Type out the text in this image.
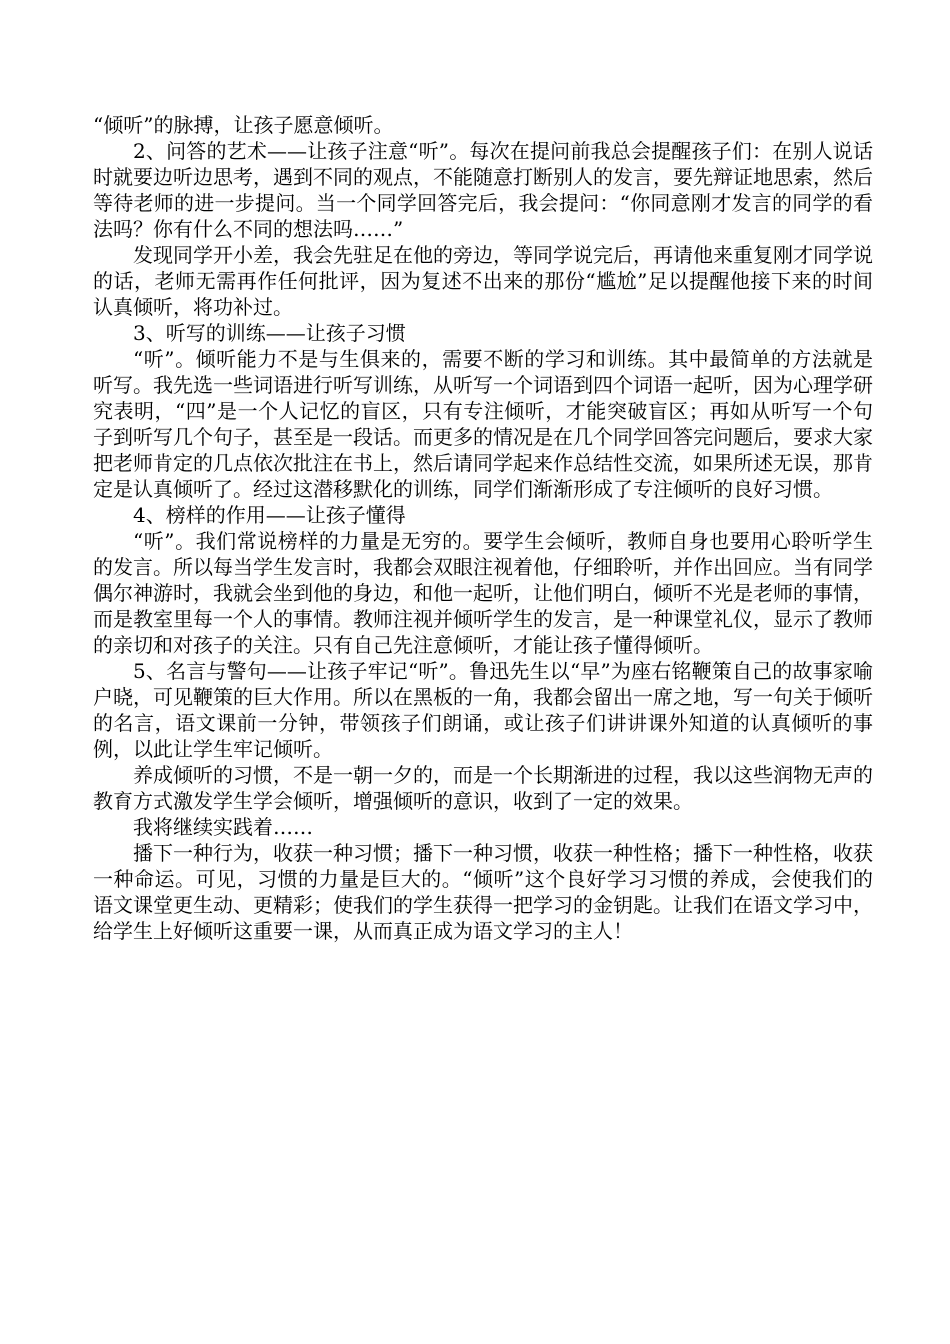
“倾听”的脉搏，让孩子愿意倾听。

2、问答的艺术——让孩子注意“听”。每次在提问前我总会提醒孩子们：在别人说话时就要边听边思考，遇到不同的观点，不能随意打断别人的发言，要先辩证地思索，然后等待老师的进一步提问。当一个同学回答完后，我会提问：“你同意刚才发言的同学的看法吗？你有什么不同的想法吗……”

发现同学开小差，我会先驻足在他的旁边，等同学说完后，再请他来重复刚才同学说的话，老师无需再作任何批评，因为复述不出来的那份“尴尬”足以提醒他接下来的时间认真倾听，将功补过。

3、听写的训练——让孩子习惯

“听”。倾听能力不是与生俱来的，需要不断的学习和训练。其中最简单的方法就是听写。我先选一些词语进行听写训练，从听写一个词语到四个词语一起听，因为心理学研究表明，“四”是一个人记忆的盲区，只有专注倾听，才能突破盲区；再如从听写一个句子到听写几个句子，甚至是一段话。而更多的情况是在几个同学回答完问题后，要求大家把老师肯定的几点依次批注在书上，然后请同学起来作总结性交流，如果所述无误，那肯定是认真倾听了。经过这潜移默化的训练，同学们渐渐形成了专注倾听的良好习惯。

4、榜样的作用——让孩子懂得

“听”。我们常说榜样的力量是无穷的。要学生会倾听，教师自身也要用心聆听学生的发言。所以每当学生发言时，我都会双眼注视着他，仔细聆听，并作出回应。当有同学偶尔神游时，我就会坐到他的身边，和他一起听，让他们明白，倾听不光是老师的事情，而是教室里每一个人的事情。教师注视并倾听学生的发言，是一种课堂礼仪，显示了教师的亲切和对孩子的关注。只有自己先注意倾听，才能让孩子懂得倾听。

5、名言与警句——让孩子牢记“听”。鲁迅先生以“早”为座右铭鞭策自己的故事家喻户晓，可见鞭策的巨大作用。所以在黑板的一角，我都会留出一席之地，写一句关于倾听的名言，语文课前一分钟，带领孩子们朗诵，或让孩子们讲讲课外知道的认真倾听的事例，以此让学生牢记倾听。

养成倾听的习惯，不是一朝一夕的，而是一个长期渐进的过程，我以这些润物无声的教育方式激发学生学会倾听，增强倾听的意识，收到了一定的效果。

我将继续实践着……

播下一种行为，收获一种习惯；播下一种习惯，收获一种性格；播下一种性格，收获一种命运。可见，习惯的力量是巨大的。“倾听”这个良好学习习惯的养成，会使我们的语文课堂更生动、更精彩；使我们的学生获得一把学习的金钥匙。让我们在语文学习中，给学生上好倾听这重要一课，从而真正成为语文学习的主人！
